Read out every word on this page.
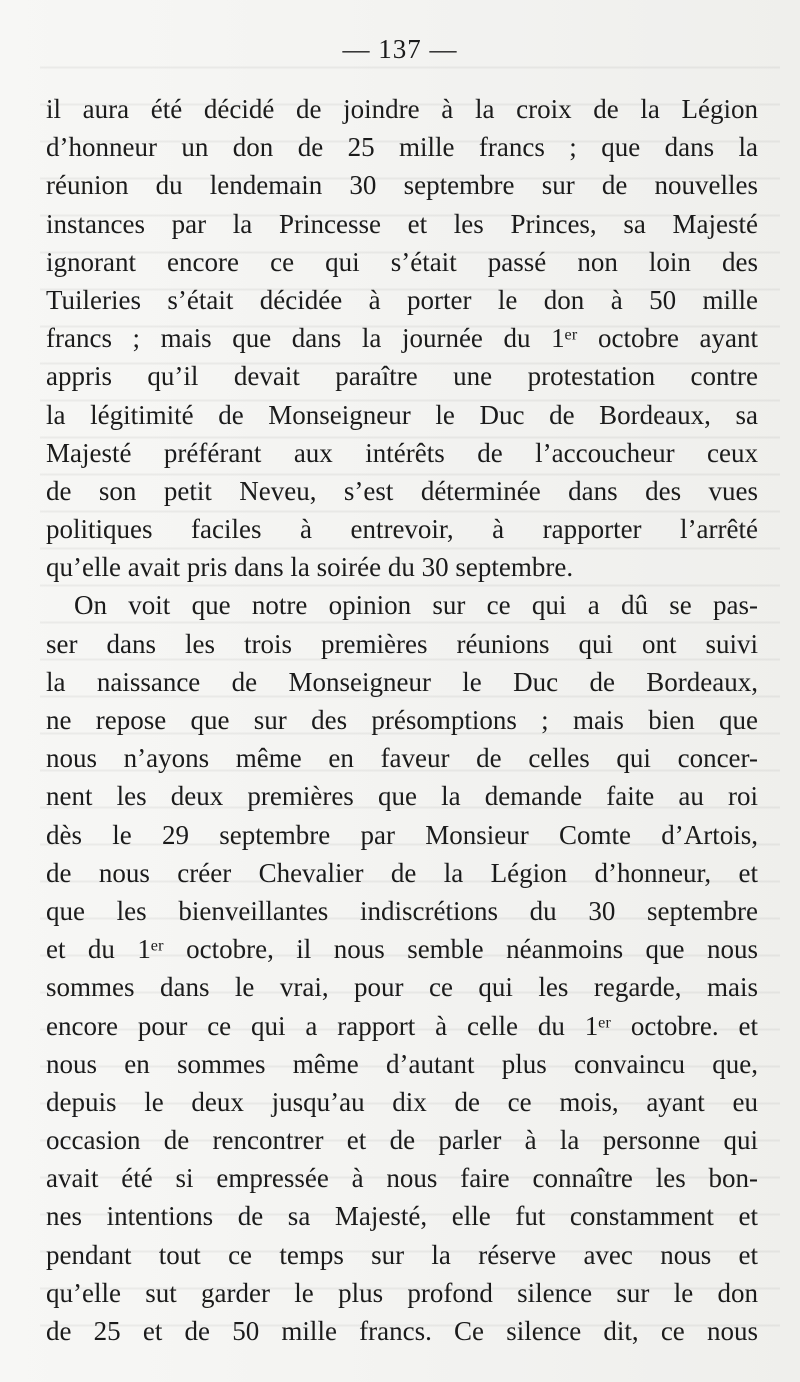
— 137 —
il aura été décidé de joindre à la croix de la Légion
d’honneur un don de 25 mille francs ; que dans la
réunion du lendemain 30 septembre sur de nouvelles
instances par la Princesse et les Princes, sa Majesté
ignorant encore ce qui s’était passé non loin des
Tuileries s’était décidée à porter le don à 50 mille
francs ; mais que dans la journée du 1ᵉʳ octobre ayant
appris qu’il devait paraître une protestation contre
la légitimité de Monseigneur le Duc de Bordeaux, sa
Majesté préférant aux intérêts de l’accoucheur ceux
de son petit Neveu, s’est déterminée dans des vues
politiques faciles à entrevoir, à rapporter l’arrêté
qu’elle avait pris dans la soirée du 30 septembre.
On voit que notre opinion sur ce qui a dû se pas-
ser dans les trois premières réunions qui ont suivi
la naissance de Monseigneur le Duc de Bordeaux,
ne repose que sur des présomptions ; mais bien que
nous n’ayons même en faveur de celles qui concer-
nent les deux premières que la demande faite au roi
dès le 29 septembre par Monsieur Comte d’Artois,
de nous créer Chevalier de la Légion d’honneur, et
que les bienveillantes indiscrétions du 30 septembre
et du 1ᵉʳ octobre, il nous semble néanmoins que nous
sommes dans le vrai, pour ce qui les regarde, mais
encore pour ce qui a rapport à celle du 1ᵉʳ octobre. et
nous en sommes même d’autant plus convaincu que,
depuis le deux jusqu’au dix de ce mois, ayant eu
occasion de rencontrer et de parler à la personne qui
avait été si empressée à nous faire connaître les bon-
nes intentions de sa Majesté, elle fut constamment et
pendant tout ce temps sur la réserve avec nous et
qu’elle sut garder le plus profond silence sur le don
de 25 et de 50 mille francs. Ce silence dit, ce nous
